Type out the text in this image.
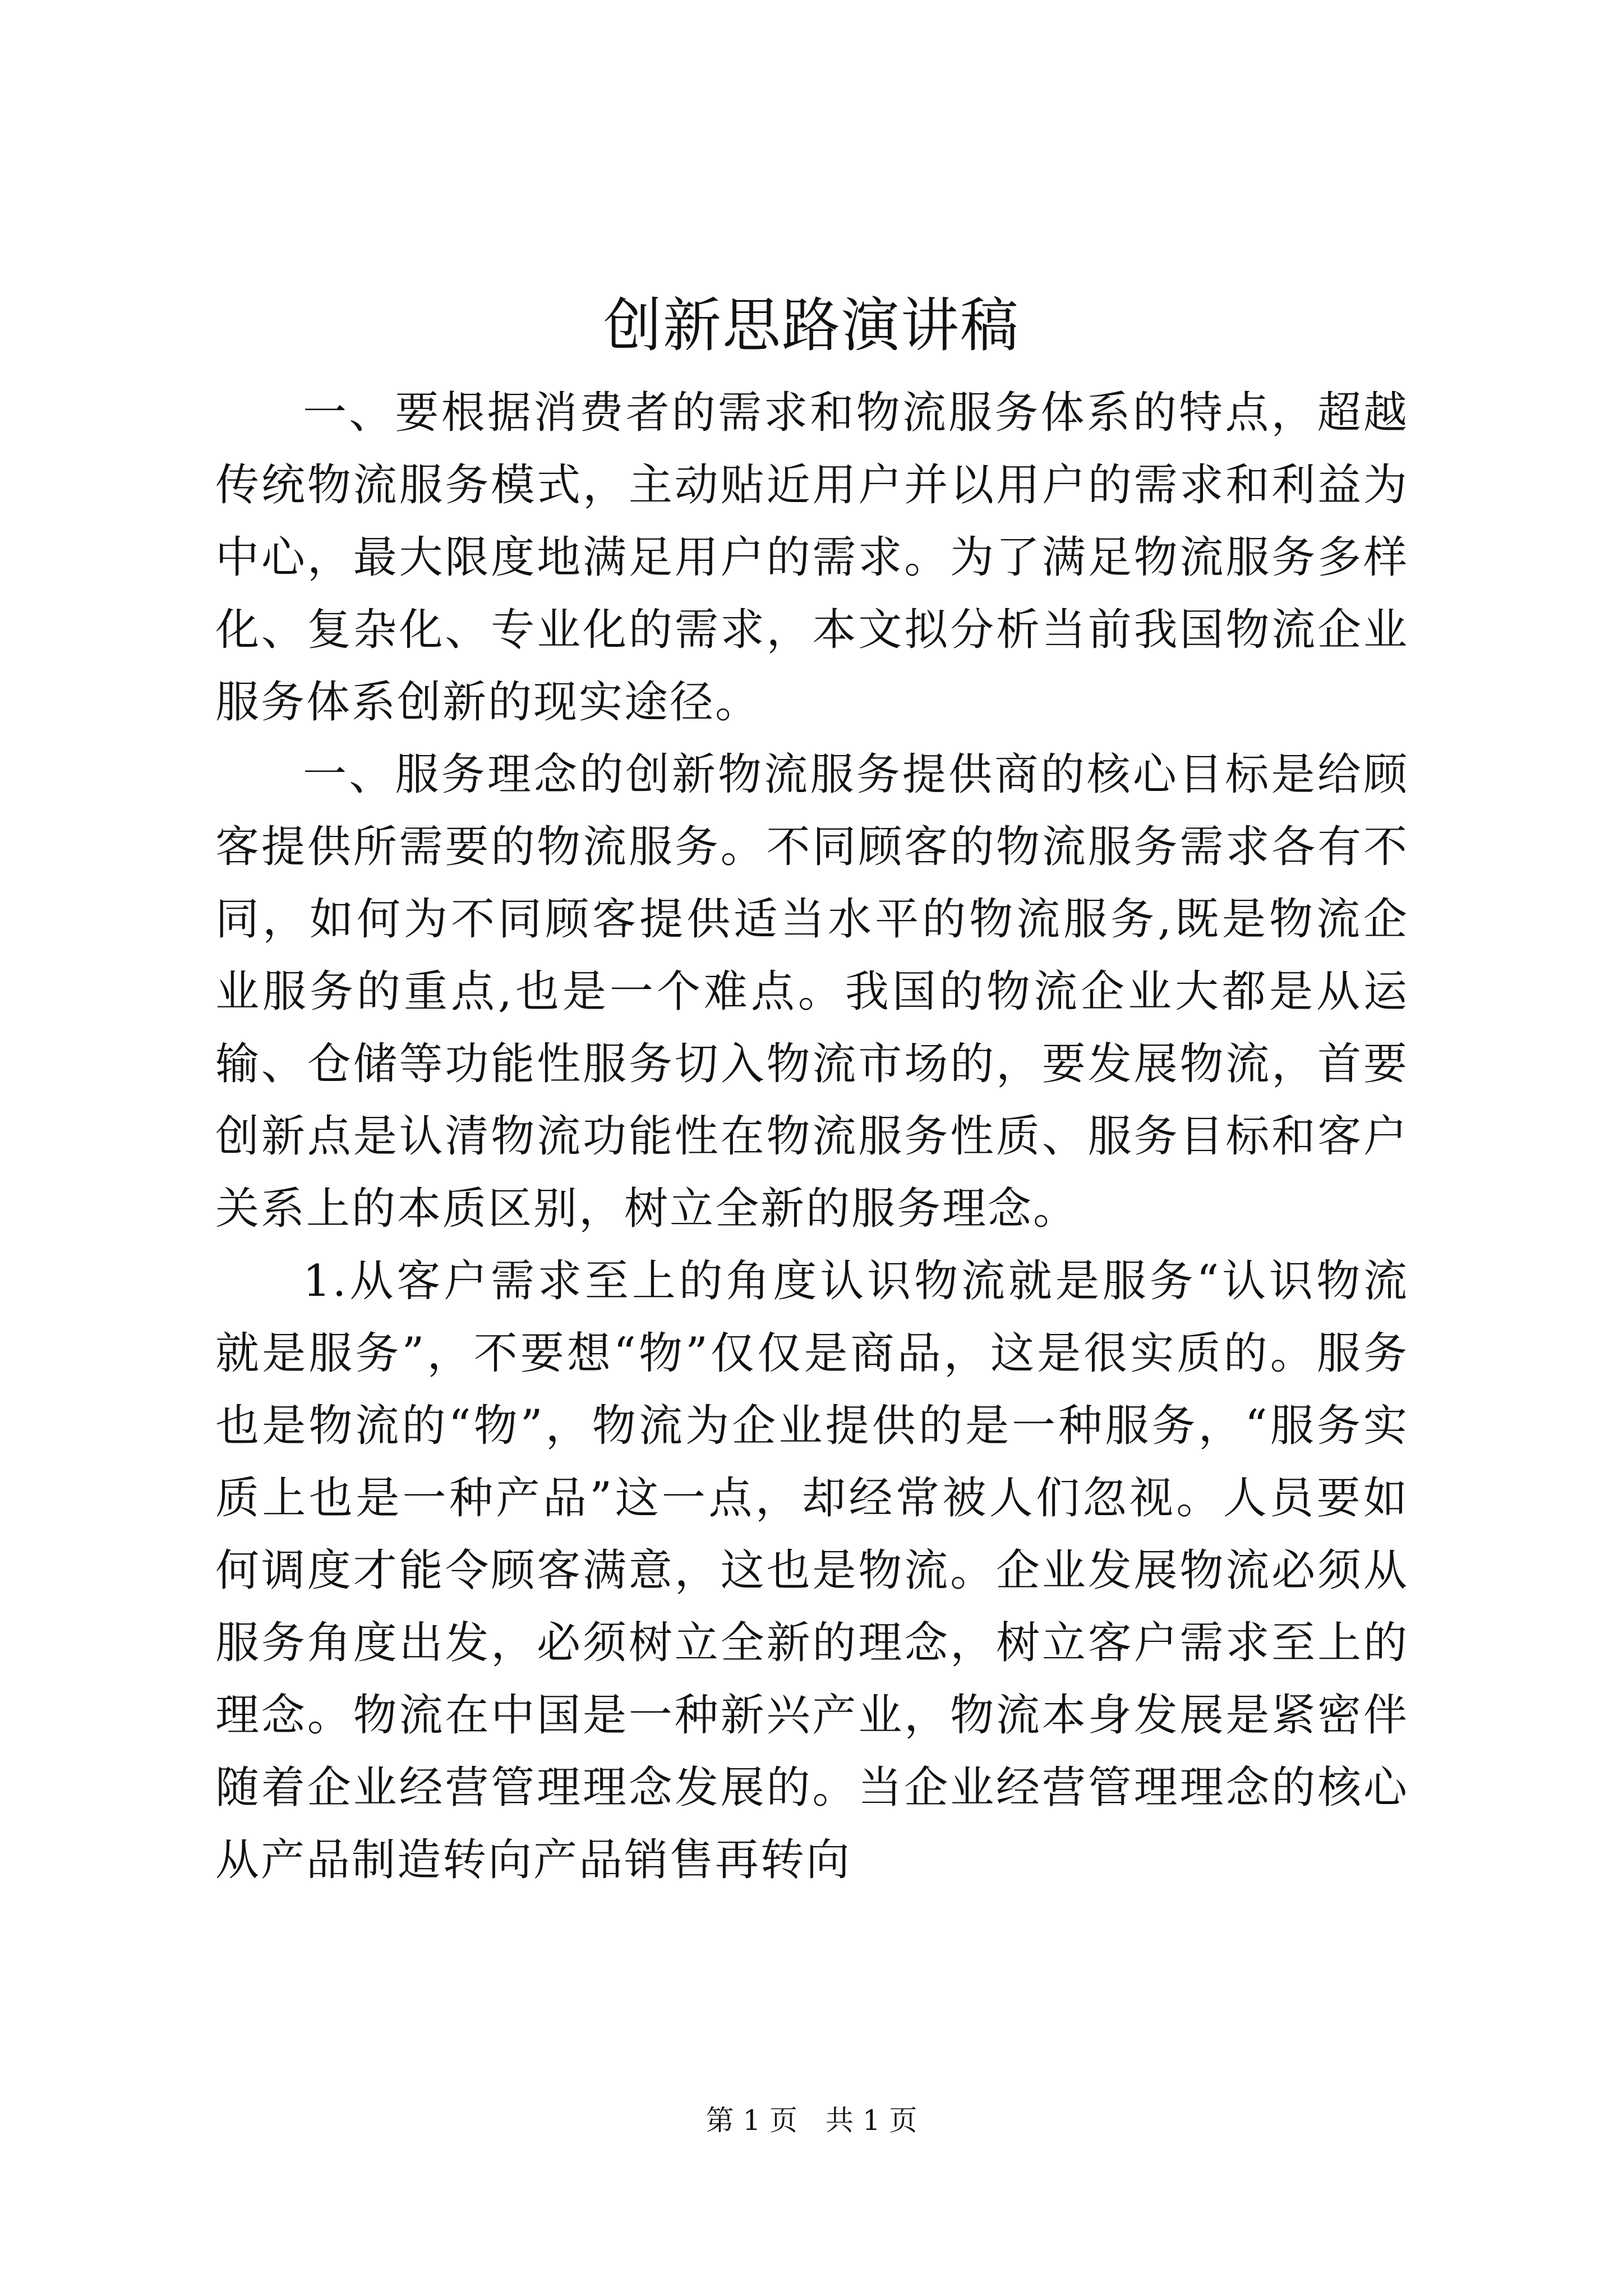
创新思路演讲稿

一、要根据消费者的需求和物流服务体系的特点，超越传统物流服务模式，主动贴近用户并以用户的需求和利益为中心，最大限度地满足用户的需求。为了满足物流服务多样化、复杂化、专业化的需求，本文拟分析当前我国物流企业服务体系创新的现实途径。

一、服务理念的创新物流服务提供商的核心目标是给顾客提供所需要的物流服务。不同顾客的物流服务需求各有不同，如何为不同顾客提供适当水平的物流服务,既是物流企业服务的重点,也是一个难点。我国的物流企业大都是从运输、仓储等功能性服务切入物流市场的，要发展物流，首要创新点是认清物流功能性在物流服务性质、服务目标和客户关系上的本质区别，树立全新的服务理念。

1.从客户需求至上的角度认识物流就是服务“认识物流就是服务”，不要想“物”仅仅是商品，这是很实质的。服务也是物流的“物”，物流为企业提供的是一种服务，“服务实质上也是一种产品”这一点，却经常被人们忽视。人员要如何调度才能令顾客满意，这也是物流。企业发展物流必须从服务角度出发，必须树立全新的理念，树立客户需求至上的理念。物流在中国是一种新兴产业，物流本身发展是紧密伴随着企业经营管理理念发展的。当企业经营管理理念的核心从产品制造转向产品销售再转向

第 1 页 共 1 页
